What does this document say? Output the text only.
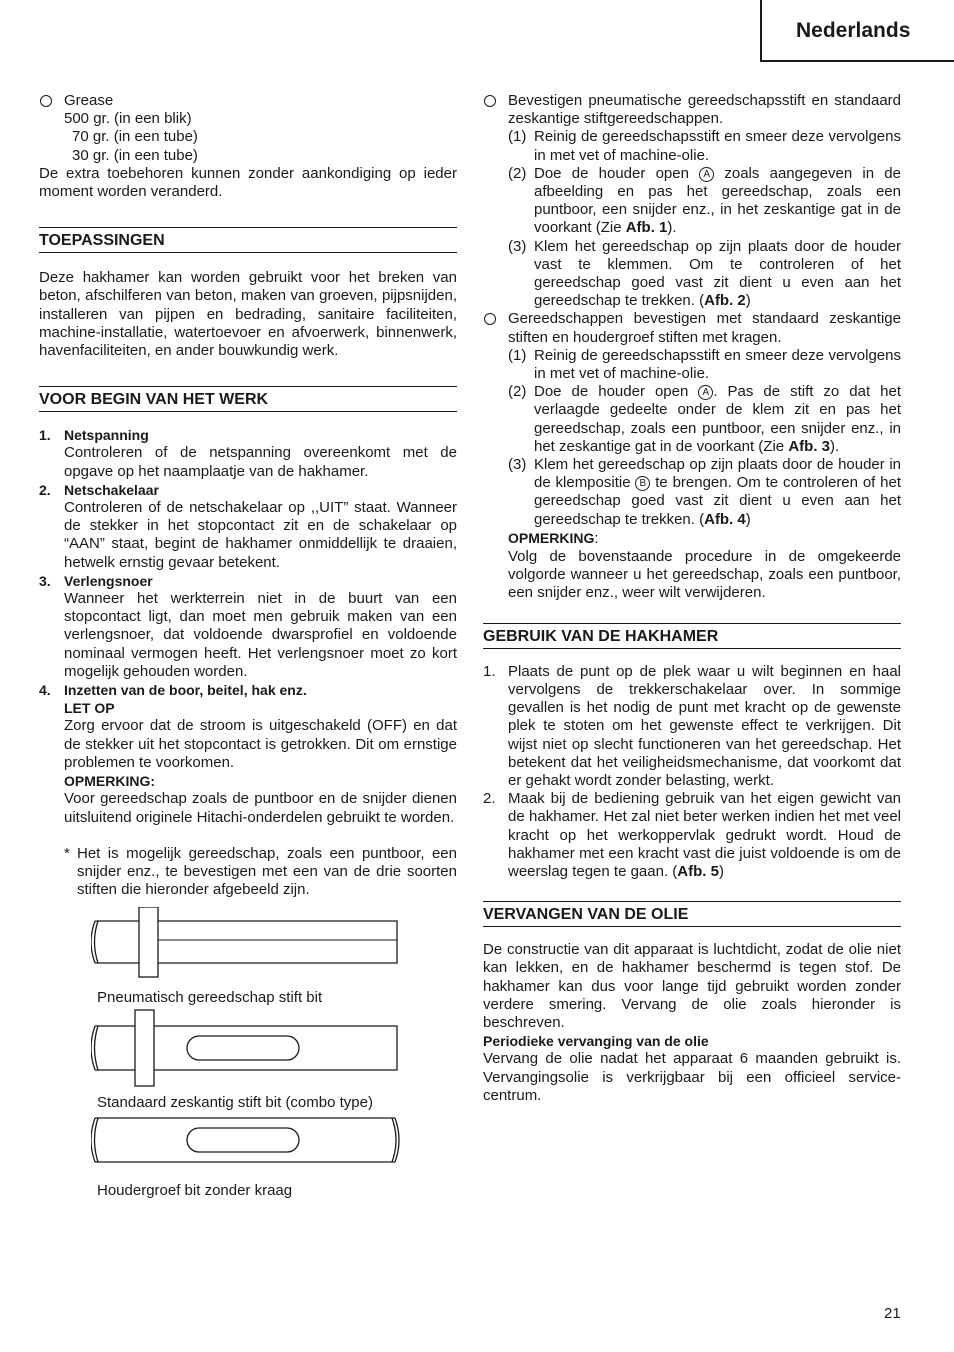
Nederlands

Grease

500 gr. (in een blik)

70 gr. (in een tube)

30 gr. (in een tube)

De extra toebehoren kunnen zonder aankondiging op ieder moment worden veranderd.

TOEPASSINGEN

Deze hakhamer kan worden gebruikt voor het breken van beton, afschilferen van beton, maken van groeven, pijpsnijden, installeren van pijpen en bedrading, sanitaire faciliteiten, machine-installatie, watertoevoer en afvoerwerk, binnenwerk, havenfaciliteiten, en ander bouwkundig werk.

VOOR BEGIN VAN HET WERK
1. Netspanning

Controleren of de netspanning overeenkomt met de opgave op het naamplaatje van de hakhamer.

2. Netschakelaar

Controleren of de netschakelaar op ,,UIT” staat. Wanneer de stekker in het stopcontact zit en de schakelaar op “AAN” staat, begint de hakhamer onmiddellijk te draaien, hetwelk ernstig gevaar betekent.

3. Verlengsnoer

Wanneer het werkterrein niet in de buurt van een stopcontact ligt, dan moet men gebruik maken van een verlengsnoer, dat voldoende dwarsprofiel en voldoende nominaal vermogen heeft. Het verlengsnoer moet zo kort mogelijk gehouden worden.

4. Inzetten van de boor, beitel, hak enz.

LET OP

Zorg ervoor dat de stroom is uitgeschakeld (OFF) en dat de stekker uit het stopcontact is getrokken. Dit om ernstige problemen te voorkomen.

OPMERKING:

Voor gereedschap zoals de puntboor en de snijder dienen uitsluitend originele Hitachi-onderdelen gebruikt te worden.

* Het is mogelijk gereedschap, zoals een puntboor, een snijder enz., te bevestigen met een van de drie soorten stiften die hieronder afgebeeld zijn.

Pneumatisch gereedschap stift bit

Standaard zeskantig stift bit (combo type)

Houdergroef bit zonder kraag

Bevestigen pneumatische gereedschapsstift en standaard zeskantige stiftgereedschappen.

(1) Reinig de gereedschapsstift en smeer deze vervolgens in met vet of machine-olie.

(2) Doe de houder open A zoals aangegeven in de afbeelding en pas het gereedschap, zoals een puntboor, een snijder enz., in het zeskantige gat in de voorkant (Zie Afb. 1).

(3) Klem het gereedschap op zijn plaats door de houder vast te klemmen. Om te controleren of het gereedschap goed vast zit dient u even aan het gereedschap te trekken. (Afb. 2)

Gereedschappen bevestigen met standaard zeskantige stiften en houdergroef stiften met kragen.

(1) Reinig de gereedschapsstift en smeer deze vervolgens in met vet of machine-olie.

(2) Doe de houder open A . Pas de stift zo dat het verlaagde gedeelte onder de klem zit en pas het gereedschap, zoals een puntboor, een snijder enz., in het zeskantige gat in de voorkant (Zie Afb. 3).

(3) Klem het gereedschap op zijn plaats door de houder in de klempositie B te brengen. Om te controleren of het gereedschap goed vast zit dient u even aan het gereedschap te trekken. (Afb. 4)

OPMERKING:

Volg de bovenstaande procedure in de omgekeerde volgorde wanneer u het gereedschap, zoals een puntboor, een snijder enz., weer wilt verwijderen.

GEBRUIK VAN DE HAKHAMER
1. Plaats de punt op de plek waar u wilt beginnen en haal vervolgens de trekkerschakelaar over. In sommige gevallen is het nodig de punt met kracht op de gewenste plek te stoten om het gewenste effect te verkrijgen. Dit wijst niet op slecht functioneren van het gereedschap. Het betekent dat het veiligheidsmechanisme, dat voorkomt dat er gehakt wordt zonder belasting, werkt.

2. Maak bij de bediening gebruik van het eigen gewicht van de hakhamer. Het zal niet beter werken indien het met veel kracht op het werkoppervlak gedrukt wordt. Houd de hakhamer met een kracht vast die juist voldoende is om de weerslag tegen te gaan. (Afb. 5)

VERVANGEN VAN DE OLIE

De constructie van dit apparaat is luchtdicht, zodat de olie niet kan lekken, en de hakhamer beschermd is tegen stof. De hakhamer kan dus voor lange tijd gebruikt worden zonder verdere smering. Vervang de olie zoals hieronder is beschreven.

Periodieke vervanging van de olie

Vervang de olie nadat het apparaat 6 maanden gebruikt is. Vervangingsolie is verkrijgbaar bij een officieel service-centrum.

21
